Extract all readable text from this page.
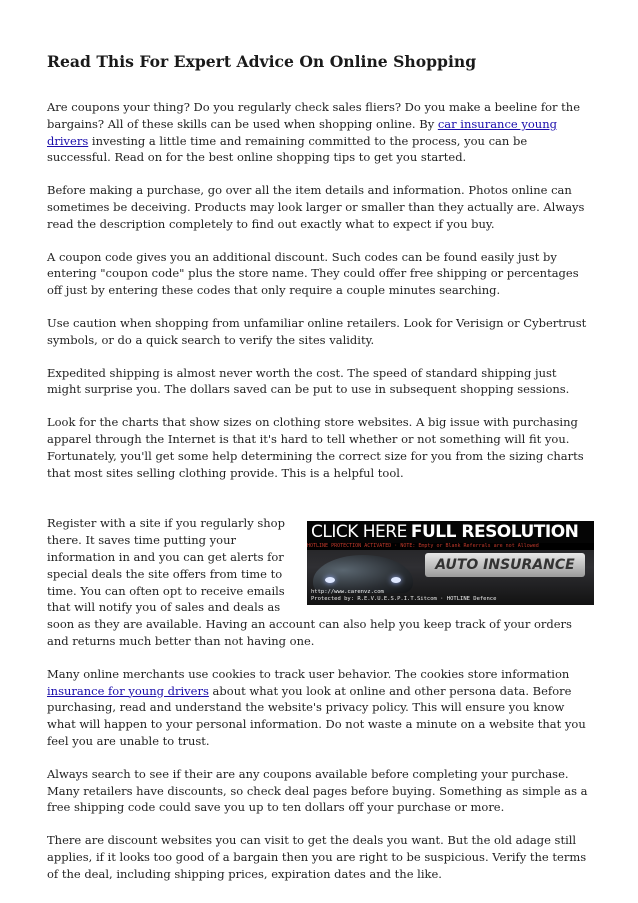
Read This For Expert Advice On Online Shopping

Are coupons your thing? Do you regularly check sales fliers? Do you make a beeline for the bargains? All of these skills can be used when shopping online. By car insurance young drivers investing a little time and remaining committed to the process, you can be successful. Read on for the best online shopping tips to get you started.

Before making a purchase, go over all the item details and information. Photos online can sometimes be deceiving. Products may look larger or smaller than they actually are. Always read the description completely to find out exactly what to expect if you buy.

A coupon code gives you an additional discount. Such codes can be found easily just by entering "coupon code" plus the store name. They could offer free shipping or percentages off just by entering these codes that only require a couple minutes searching.

Use caution when shopping from unfamiliar online retailers. Look for Verisign or Cybertrust symbols, or do a quick search to verify the sites validity.

Expedited shipping is almost never worth the cost. The speed of standard shipping just might surprise you. The dollars saved can be put to use in subsequent shopping sessions.

Look for the charts that show sizes on clothing store websites. A big issue with purchasing apparel through the Internet is that it's hard to tell whether or not something will fit you. Fortunately, you'll get some help determining the correct size for you from the sizing charts that most sites selling clothing provide. This is a helpful tool.

CLICK HERE FULL RESOLUTION
HOTLINE PROTECTION ACTIVATED · NOTE: Empty or Blank Referrals are not Allowed
AUTO INSURANCE
http://www.carenvz.com
Protected by: R.E.V.U.E.S.P.I.T.Sitcom · HOTLINE Defence

Register with a site if you regularly shop there. It saves time putting your information in and you can get alerts for special deals the site offers from time to time. You can often opt to receive emails that will notify you of sales and deals as soon as they are available. Having an account can also help you keep track of your orders and returns much better than not having one.

Many online merchants use cookies to track user behavior. The cookies store information insurance for young drivers about what you look at online and other persona data. Before purchasing, read and understand the website's privacy policy. This will ensure you know what will happen to your personal information. Do not waste a minute on a website that you feel you are unable to trust.

Always search to see if their are any coupons available before completing your purchase. Many retailers have discounts, so check deal pages before buying. Something as simple as a free shipping code could save you up to ten dollars off your purchase or more.

There are discount websites you can visit to get the deals you want. But the old adage still applies, if it looks too good of a bargain then you are right to be suspicious. Verify the terms of the deal, including shipping prices, expiration dates and the like.
